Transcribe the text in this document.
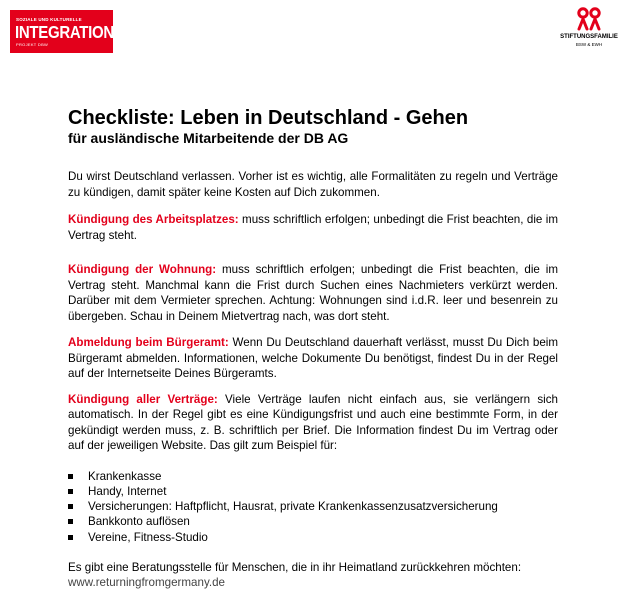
SOZIALE UND KULTURELLE
INTEGRATION
PROJEKT DBW
STIFTUNGSFAMILIE
BSW & EWH
Checkliste: Leben in Deutschland - Gehen
für ausländische Mitarbeitende der DB AG

Du wirst Deutschland verlassen. Vorher ist es wichtig, alle Formalitäten zu regeln und Verträge zu kündigen, damit später keine Kosten auf Dich zukommen.

Kündigung des Arbeitsplatzes: muss schriftlich erfolgen; unbedingt die Frist beachten, die im Vertrag steht.

Kündigung der Wohnung: muss schriftlich erfolgen; unbedingt die Frist beachten, die im Vertrag steht. Manchmal kann die Frist durch Suchen eines Nachmieters verkürzt werden. Darüber mit dem Vermieter sprechen. Achtung: Wohnungen sind i.d.R. leer und besenrein zu übergeben. Schau in Deinem Mietvertrag nach, was dort steht.

Abmeldung beim Bürgeramt: Wenn Du Deutschland dauerhaft verlässt, musst Du Dich beim Bürgeramt abmelden. Informationen, welche Dokumente Du benötigst, findest Du in der Regel auf der Internetseite Deines Bürgeramts.

Kündigung aller Verträge: Viele Verträge laufen nicht einfach aus, sie verlängern sich automatisch. In der Regel gibt es eine Kündigungsfrist und auch eine bestimmte Form, in der gekündigt werden muss, z. B. schriftlich per Brief. Die Information findest Du im Vertrag oder auf der jeweiligen Website. Das gilt zum Beispiel für:

Krankenkasse
Handy, Internet
Versicherungen: Haftpflicht, Hausrat, private Krankenkassenzusatzversicherung
Bankkonto auflösen
Vereine, Fitness-Studio

Es gibt eine Beratungsstelle für Menschen, die in ihr Heimatland zurückkehren möchten:

www.returningfromgermany.de
